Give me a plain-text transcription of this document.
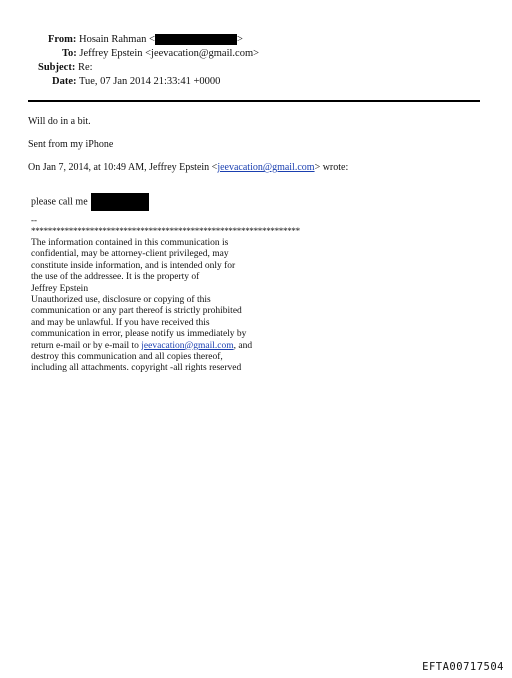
From: Hosain Rahman <	>
To: Jeffrey Epstein <jeevacation@gmail.com>
Subject: Re:
Date: Tue, 07 Jan 2014 21:33:41 +0000
Will do in a bit.
Sent from my iPhone
On Jan 7, 2014, at 10:49 AM, Jeffrey Epstein <jeevacation@gmail.com> wrote:
please call me
--
****************************************************************

The information contained in this communication is

confidential, may be attorney-client privileged, may

constitute inside information, and is intended only for

the use of the addressee. It is the property of

Jeffrey Epstein

Unauthorized use, disclosure or copying of this

communication or any part thereof is strictly prohibited

and may be unlawful. If you have received this

communication in error, please notify us immediately by

return e-mail or by e-mail to jeevacation@gmail.com, and

destroy this communication and all copies thereof,

including all attachments. copyright -all rights reserved

EFTA00717504
